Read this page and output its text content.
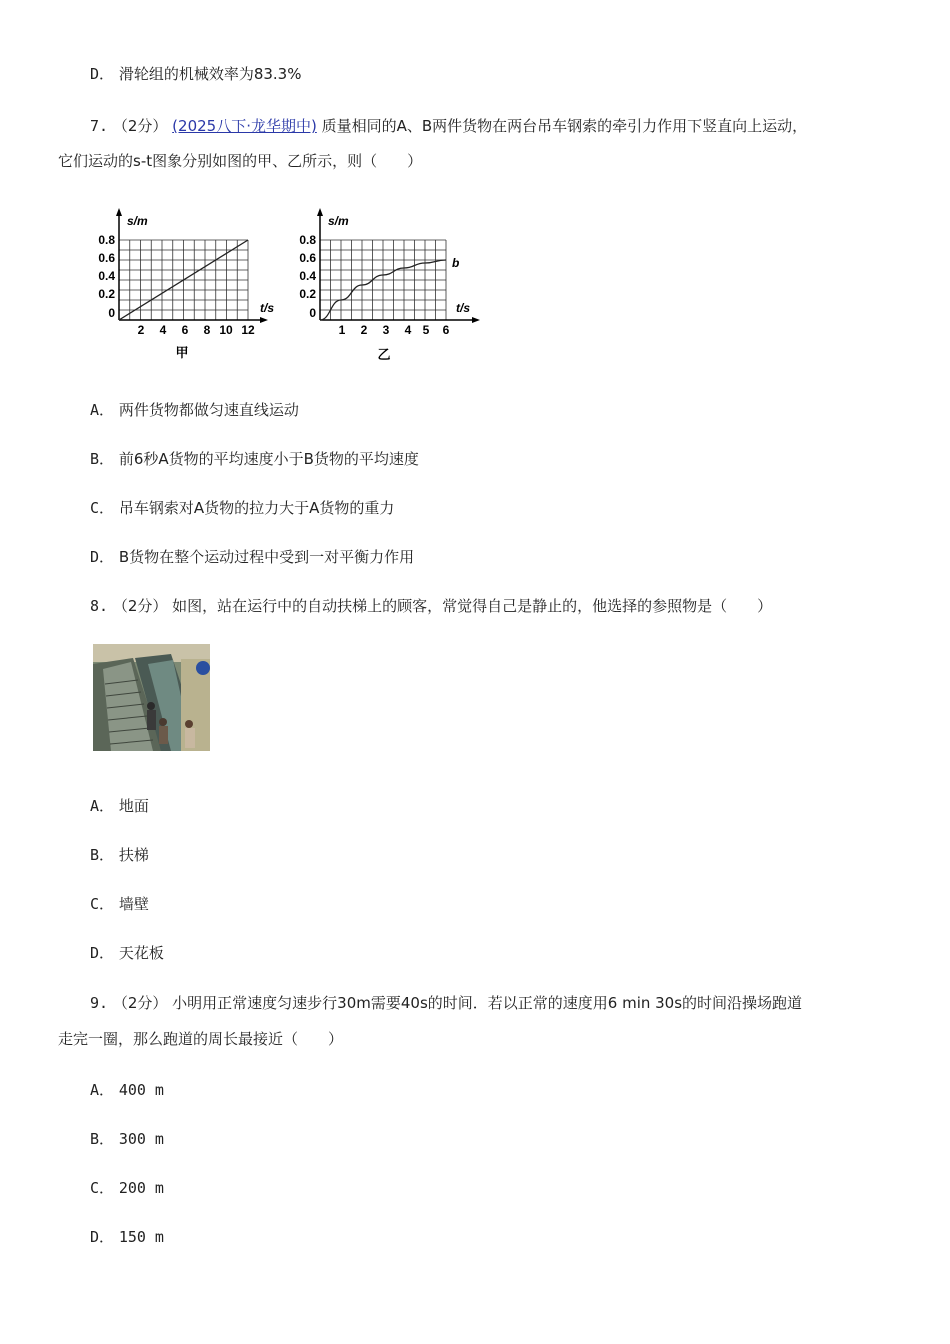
D． 滑轮组的机械效率为83.3%
7. （2分） (2025八下·龙华期中) 质量相同的A、B两件货物在两台吊车钢索的牵引力作用下竖直向上运动，
它们运动的s-t图象分别如图的甲、乙所示，则（　　）
s/m
t/s
0.8
0.6
0.4
0.2
0
2 4 6 8 10 12
甲
s/m
t/s
0.8
0.6
0.4
0.2
0
1 2 3 4 5 6
b
乙
A． 两件货物都做匀速直线运动
B． 前6秒A货物的平均速度小于B货物的平均速度
C． 吊车钢索对A货物的拉力大于A货物的重力
D． B货物在整个运动过程中受到一对平衡力作用
8. （2分） 如图，站在运行中的自动扶梯上的顾客，常觉得自己是静止的，他选择的参照物是（　　）
A． 地面
B． 扶梯
C． 墙壁
D． 天花板
9. （2分） 小明用正常速度匀速步行30m需要40s的时间．若以正常的速度用6 min 30s的时间沿操场跑道
走完一圈，那么跑道的周长最接近（　　）
A． 400 m
B． 300 m
C． 200 m
D． 150 m
